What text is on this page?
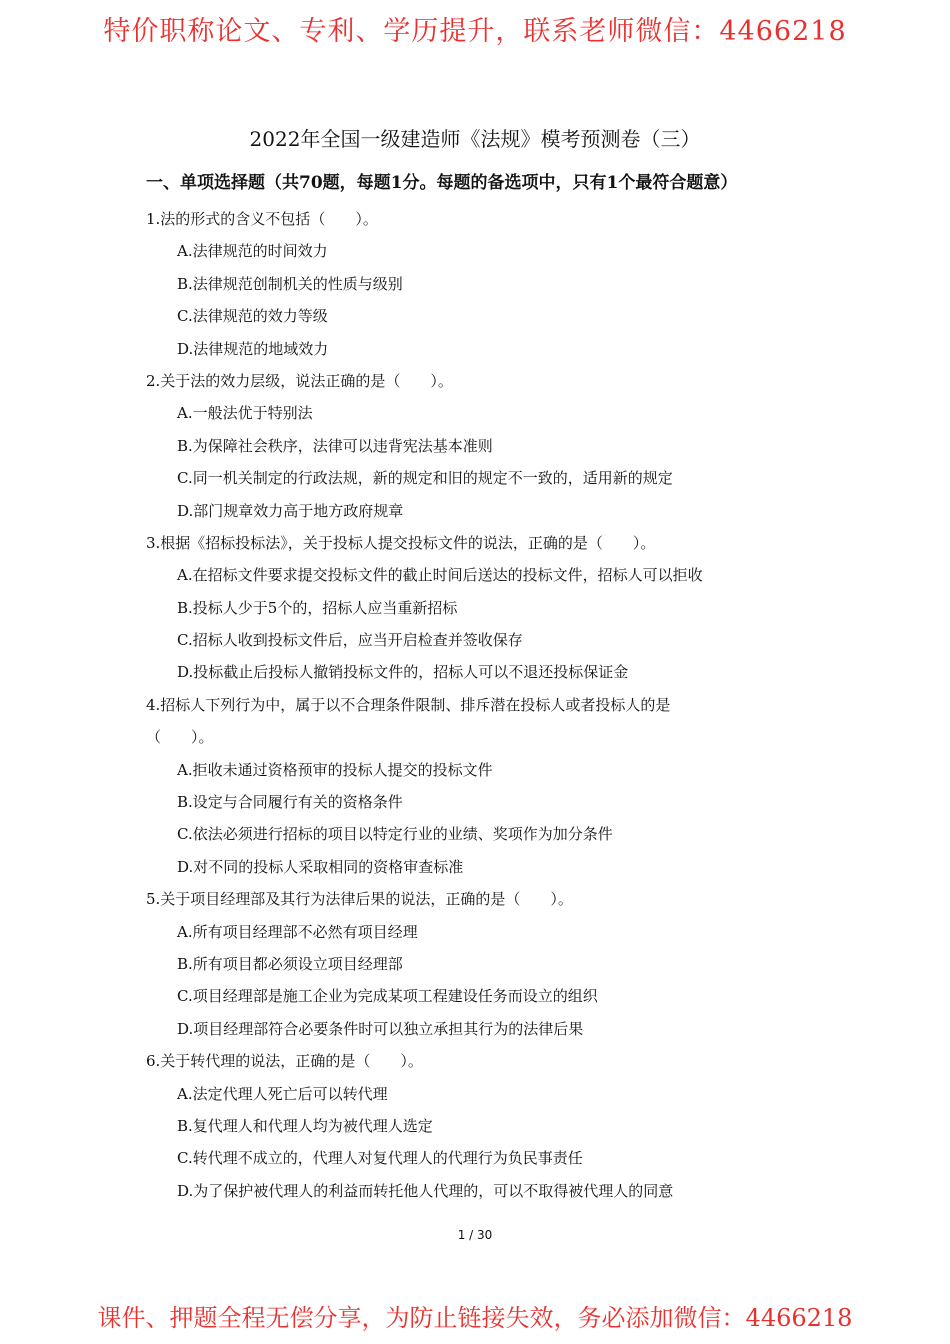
特价职称论文、专利、学历提升，联系老师微信：4466218
2022年全国一级建造师《法规》模考预测卷（三）
一、单项选择题（共70题，每题1分。每题的备选项中，只有1个最符合题意）
1.法的形式的含义不包括（　　）。
A.法律规范的时间效力
B.法律规范创制机关的性质与级别
C.法律规范的效力等级
D.法律规范的地域效力
2.关于法的效力层级，说法正确的是（　　）。
A.一般法优于特别法
B.为保障社会秩序，法律可以违背宪法基本准则
C.同一机关制定的行政法规，新的规定和旧的规定不一致的，适用新的规定
D.部门规章效力高于地方政府规章
3.根据《招标投标法》，关于投标人提交投标文件的说法，正确的是（　　）。
A.在招标文件要求提交投标文件的截止时间后送达的投标文件，招标人可以拒收
B.投标人少于5个的，招标人应当重新招标
C.招标人收到投标文件后，应当开启检查并签收保存
D.投标截止后投标人撤销投标文件的，招标人可以不退还投标保证金
4.招标人下列行为中，属于以不合理条件限制、排斥潜在投标人或者投标人的是
（　　）。
A.拒收未通过资格预审的投标人提交的投标文件
B.设定与合同履行有关的资格条件
C.依法必须进行招标的项目以特定行业的业绩、奖项作为加分条件
D.对不同的投标人采取相同的资格审查标准
5.关于项目经理部及其行为法律后果的说法，正确的是（　　）。
A.所有项目经理部不必然有项目经理
B.所有项目都必须设立项目经理部
C.项目经理部是施工企业为完成某项工程建设任务而设立的组织
D.项目经理部符合必要条件时可以独立承担其行为的法律后果
6.关于转代理的说法，正确的是（　　）。
A.法定代理人死亡后可以转代理
B.复代理人和代理人均为被代理人选定
C.转代理不成立的，代理人对复代理人的代理行为负民事责任
D.为了保护被代理人的利益而转托他人代理的，可以不取得被代理人的同意
1 / 30
课件、押题全程无偿分享，为防止链接失效，务必添加微信：4466218
